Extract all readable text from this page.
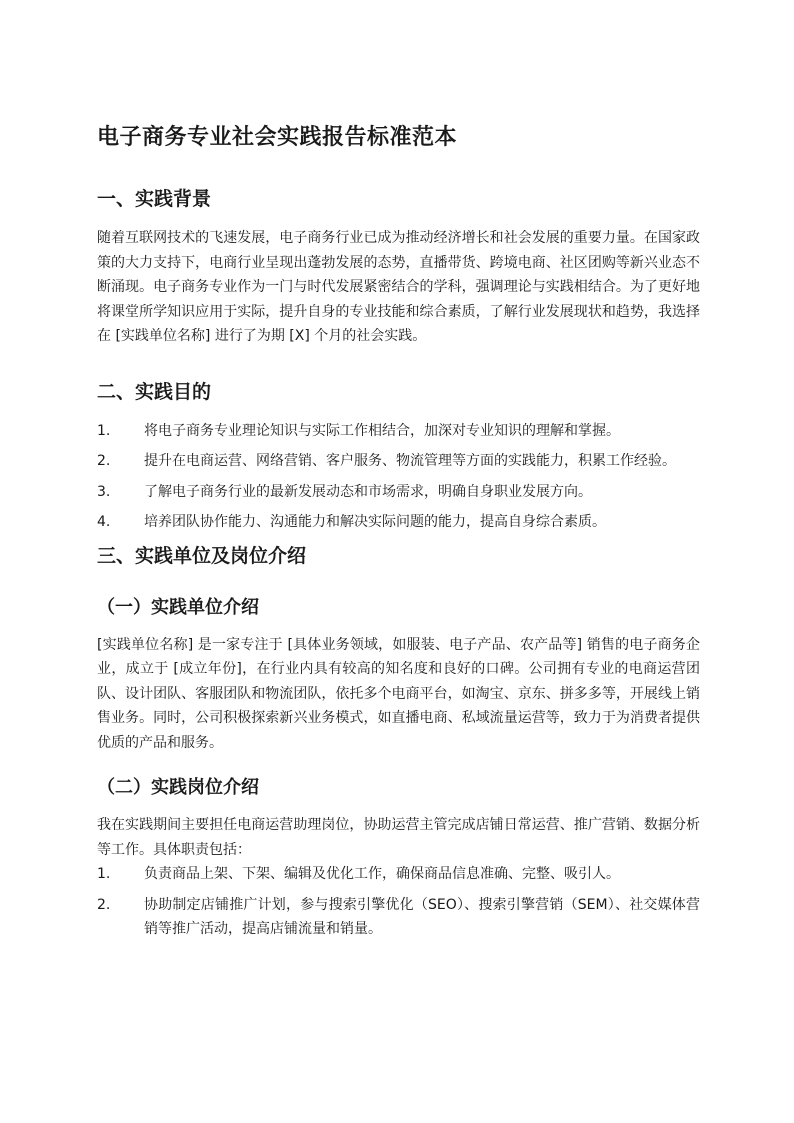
电子商务专业社会实践报告标准范本
一、实践背景

随着互联网技术的飞速发展，电子商务行业已成为推动经济增长和社会发展的重要力量。在国家政策的大力支持下，电商行业呈现出蓬勃发展的态势，直播带货、跨境电商、社区团购等新兴业态不断涌现。电子商务专业作为一门与时代发展紧密结合的学科，强调理论与实践相结合。为了更好地将课堂所学知识应用于实际，提升自身的专业技能和综合素质，了解行业发展现状和趋势，我选择在 [实践单位名称] 进行了为期 [X] 个月的社会实践。

二、实践目的
1. 将电子商务专业理论知识与实际工作相结合，加深对专业知识的理解和掌握。
2. 提升在电商运营、网络营销、客户服务、物流管理等方面的实践能力，积累工作经验。
3. 了解电子商务行业的最新发展动态和市场需求，明确自身职业发展方向。
4. 培养团队协作能力、沟通能力和解决实际问题的能力，提高自身综合素质。
三、实践单位及岗位介绍
（一）实践单位介绍

[实践单位名称] 是一家专注于 [具体业务领域，如服装、电子产品、农产品等] 销售的电子商务企业，成立于 [成立年份]，在行业内具有较高的知名度和良好的口碑。公司拥有专业的电商运营团队、设计团队、客服团队和物流团队，依托多个电商平台，如淘宝、京东、拼多多等，开展线上销售业务。同时，公司积极探索新兴业务模式，如直播电商、私域流量运营等，致力于为消费者提供优质的产品和服务。

（二）实践岗位介绍

我在实践期间主要担任电商运营助理岗位，协助运营主管完成店铺日常运营、推广营销、数据分析等工作。具体职责包括：

1. 负责商品上架、下架、编辑及优化工作，确保商品信息准确、完整、吸引人。
2. 协助制定店铺推广计划，参与搜索引擎优化（SEO）、搜索引擎营销（SEM）、社交媒体营销等推广活动，提高店铺流量和销量。
